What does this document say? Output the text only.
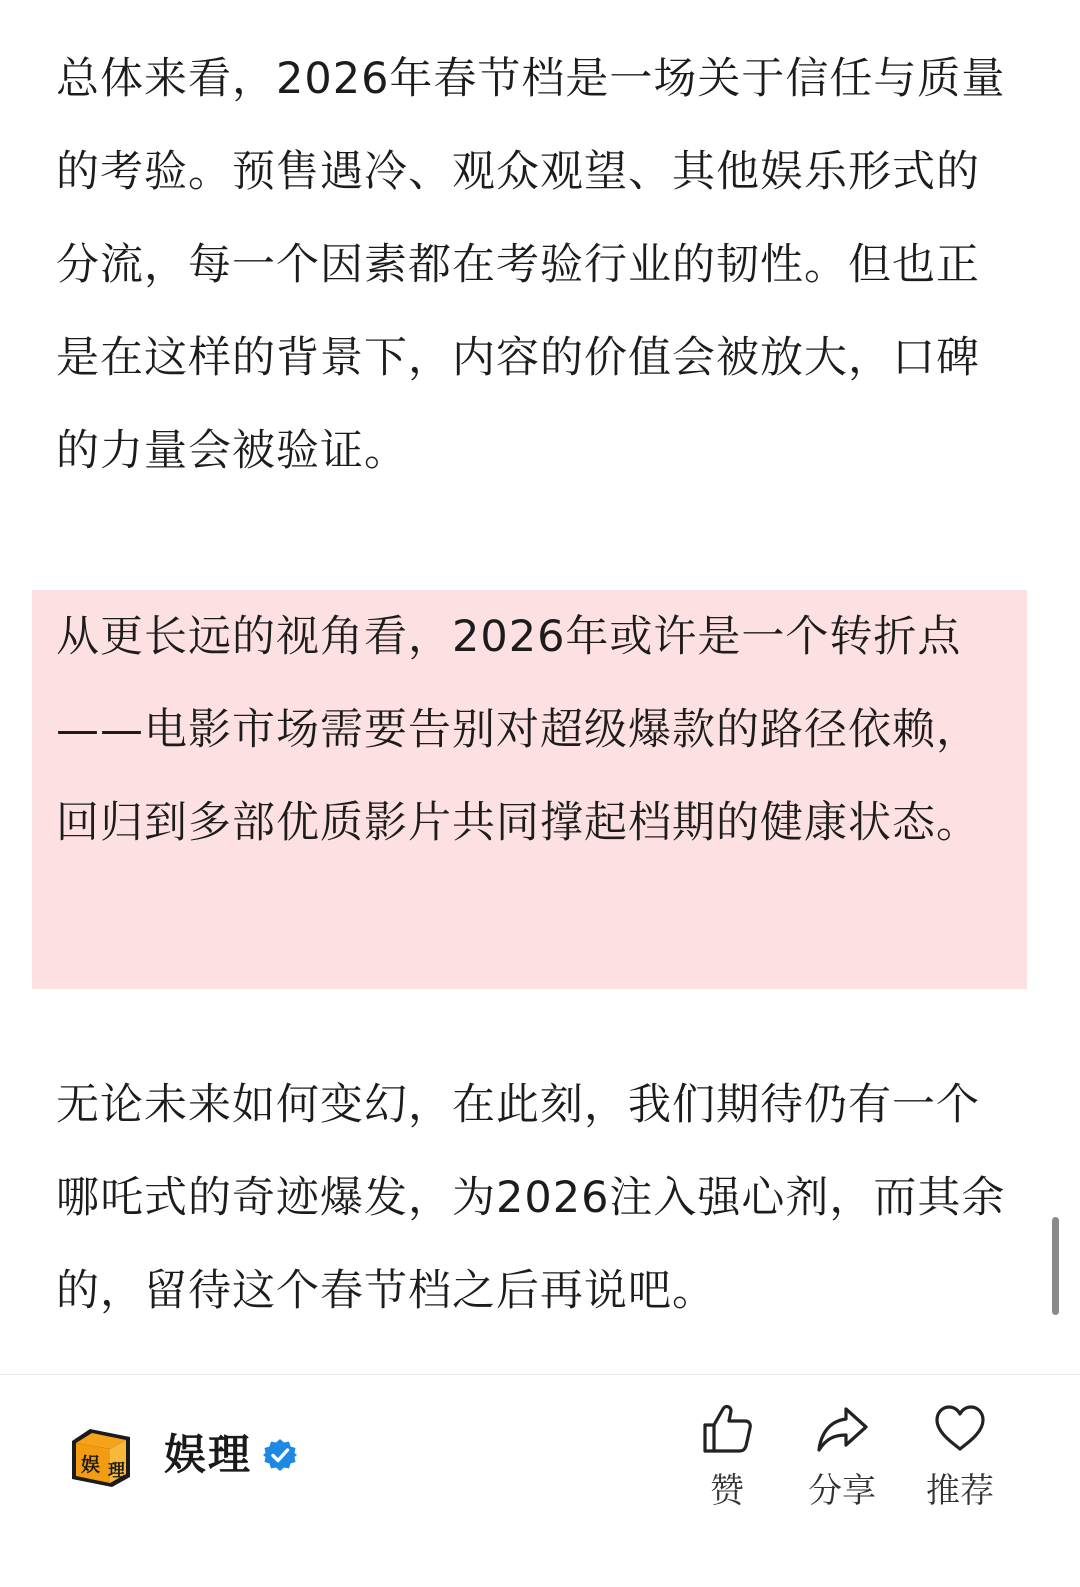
总体来看，2026年春节档是一场关于信任与质量的考验。预售遇冷、观众观望、其他娱乐形式的分流，每一个因素都在考验行业的韧性。但也正是在这样的背景下，内容的价值会被放大，口碑的力量会被验证。

从更长远的视角看，2026年或许是一个转折点——电影市场需要告别对超级爆款的路径依赖，回归到多部优质影片共同撑起档期的健康状态。

无论未来如何变幻，在此刻，我们期待仍有一个哪吒式的奇迹爆发，为2026注入强心剂，而其余的，留待这个春节档之后再说吧。

娱 理 娱理
赞	分享	推荐
